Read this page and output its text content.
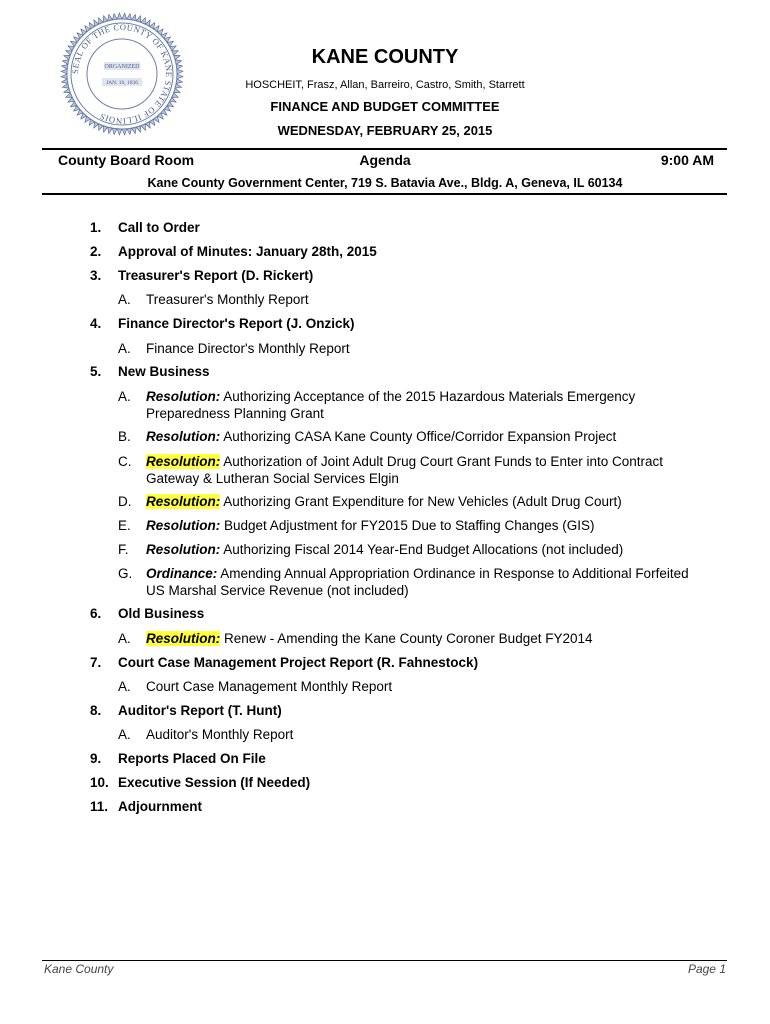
SEAL OF THE COUNTY OF KANE STATE OF ILLINOIS
ORGANIZED
JAN. 16, 1836
KANE COUNTY
HOSCHEIT, Frasz, Allan, Barreiro, Castro, Smith, Starrett
FINANCE AND BUDGET COMMITTEE
WEDNESDAY, FEBRUARY 25, 2015
County Board Room	Agenda	9:00 AM
Kane County Government Center, 719 S. Batavia Ave., Bldg. A, Geneva, IL 60134
1. Call to Order
2. Approval of Minutes: January 28th, 2015
3. Treasurer's Report (D. Rickert)
A. Treasurer's Monthly Report
4. Finance Director's Report (J. Onzick)
A. Finance Director's Monthly Report
5. New Business
A. Resolution: Authorizing Acceptance of the 2015 Hazardous Materials Emergency Preparedness Planning Grant
B. Resolution: Authorizing CASA Kane County Office/Corridor Expansion Project
C. Resolution: Authorization of Joint Adult Drug Court Grant Funds to Enter into Contract Gateway & Lutheran Social Services Elgin
D. Resolution: Authorizing Grant Expenditure for New Vehicles (Adult Drug Court)
E. Resolution: Budget Adjustment for FY2015 Due to Staffing Changes (GIS)
F. Resolution: Authorizing Fiscal 2014 Year-End Budget Allocations (not included)
G. Ordinance: Amending Annual Appropriation Ordinance in Response to Additional Forfeited US Marshal Service Revenue (not included)
6. Old Business
A. Resolution: Renew - Amending the Kane County Coroner Budget FY2014
7. Court Case Management Project Report (R. Fahnestock)
A. Court Case Management Monthly Report
8. Auditor's Report (T. Hunt)
A. Auditor's Monthly Report
9. Reports Placed On File
10. Executive Session (If Needed)
11. Adjournment
Kane County	Page 1
